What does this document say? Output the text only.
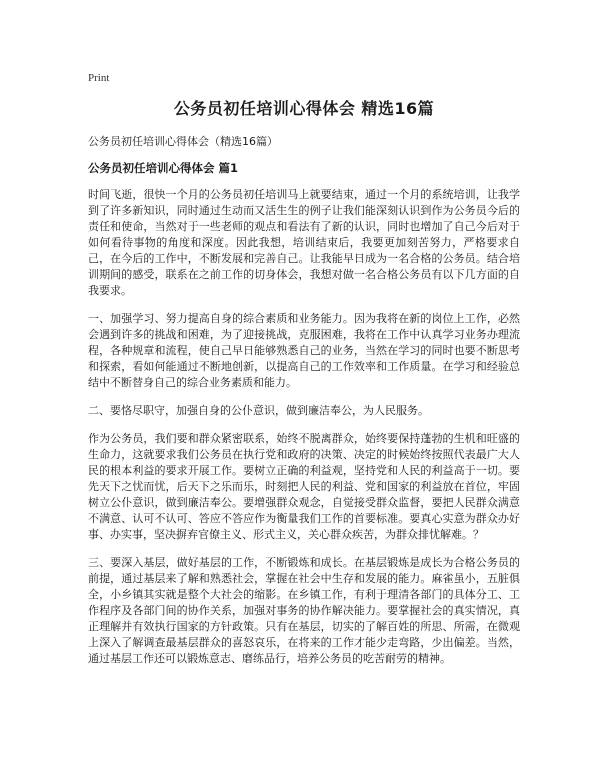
Print
公务员初任培训心得体会 精选16篇

公务员初任培训心得体会（精选16篇）

公务员初任培训心得体会 篇1

时间飞逝，很快一个月的公务员初任培训马上就要结束，通过一个月的系统培训，让我学到了许多新知识，同时通过生动而又活生生的例子让我们能深刻认识到作为公务员今后的责任和使命，当然对于一些老师的观点和看法有了新的认识，同时也增加了自己今后对于如何看待事物的角度和深度。因此我想，培训结束后，我要更加刻苦努力，严格要求自己，在今后的工作中，不断发展和完善自己。让我能早日成为一名合格的公务员。结合培训期间的感受，联系在之前工作的切身体会，我想对做一名合格公务员有以下几方面的自我要求。

一、加强学习、努力提高自身的综合素质和业务能力。因为我将在新的岗位上工作，必然会遇到许多的挑战和困难，为了迎接挑战，克服困难，我将在工作中认真学习业务办理流程，各种规章和流程，使自己早日能够熟悉自己的业务，当然在学习的同时也要不断思考和探索，看如何能通过不断地创新，以提高自己的工作效率和工作质量。在学习和经验总结中不断替身自己的综合业务素质和能力。

二、要恪尽职守，加强自身的公仆意识，做到廉洁奉公，为人民服务。

作为公务员，我们要和群众紧密联系，始终不脱离群众，始终要保持蓬勃的生机和旺盛的生命力，这就要求我们公务员在执行党和政府的决策、决定的时候始终按照代表最广大人民的根本利益的要求开展工作。要树立正确的利益观，坚持党和人民的利益高于一切。要先天下之忧而忧，后天下之乐而乐，时刻把人民的利益、党和国家的利益放在首位，牢固树立公仆意识，做到廉洁奉公。要增强群众观念，自觉接受群众监督，要把人民群众满意不满意、认可不认可、答应不答应作为衡量我们工作的首要标准。要真心实意为群众办好事、办实事，坚决摒弃官僚主义、形式主义，关心群众疾苦，为群众排忧解难。？

三、要深入基层，做好基层的工作，不断锻炼和成长。在基层锻炼是成长为合格公务员的前提，通过基层来了解和熟悉社会，掌握在社会中生存和发展的能力。麻雀虽小，五脏俱全，小乡镇其实就是整个大社会的缩影。在乡镇工作，有利于理清各部门的具体分工、工作程序及各部门间的协作关系，加强对事务的协作解决能力。要掌握社会的真实情况，真正理解并有效执行国家的方针政策。只有在基层，切实的了解百姓的所思、所需，在微观上深入了解调查最基层群众的喜怒哀乐，在将来的工作才能少走弯路，少出偏差。当然，通过基层工作还可以锻炼意志、磨练品行，培养公务员的吃苦耐劳的精神。
